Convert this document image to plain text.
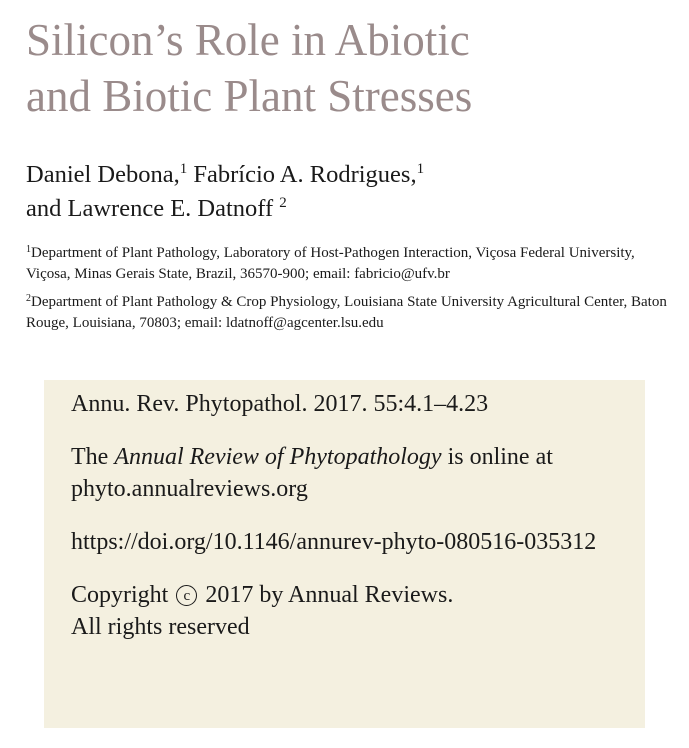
Silicon’s Role in Abiotic
and Biotic Plant Stresses
Daniel Debona,$^1$ Fabrício A. Rodrigues,$^1$
and Lawrence E. Datnoff $^2$
$^1$Department of Plant Pathology, Laboratory of Host-Pathogen Interaction, Viçosa Federal University, Viçosa, Minas Gerais State, Brazil, 36570-900; email: fabricio@ufv.br
$^2$Department of Plant Pathology & Crop Physiology, Louisiana State University Agricultural Center, Baton Rouge, Louisiana, 70803; email: ldatnoff@agcenter.lsu.edu

Annu. Rev. Phytopathol. 2017. 55:4.1–4.23

The Annual Review of Phytopathology is online at phyto.annualreviews.org

https://doi.org/10.1146/annurev-phyto-080516-035312

Copyright c 2017 by Annual Reviews.

All rights reserved
